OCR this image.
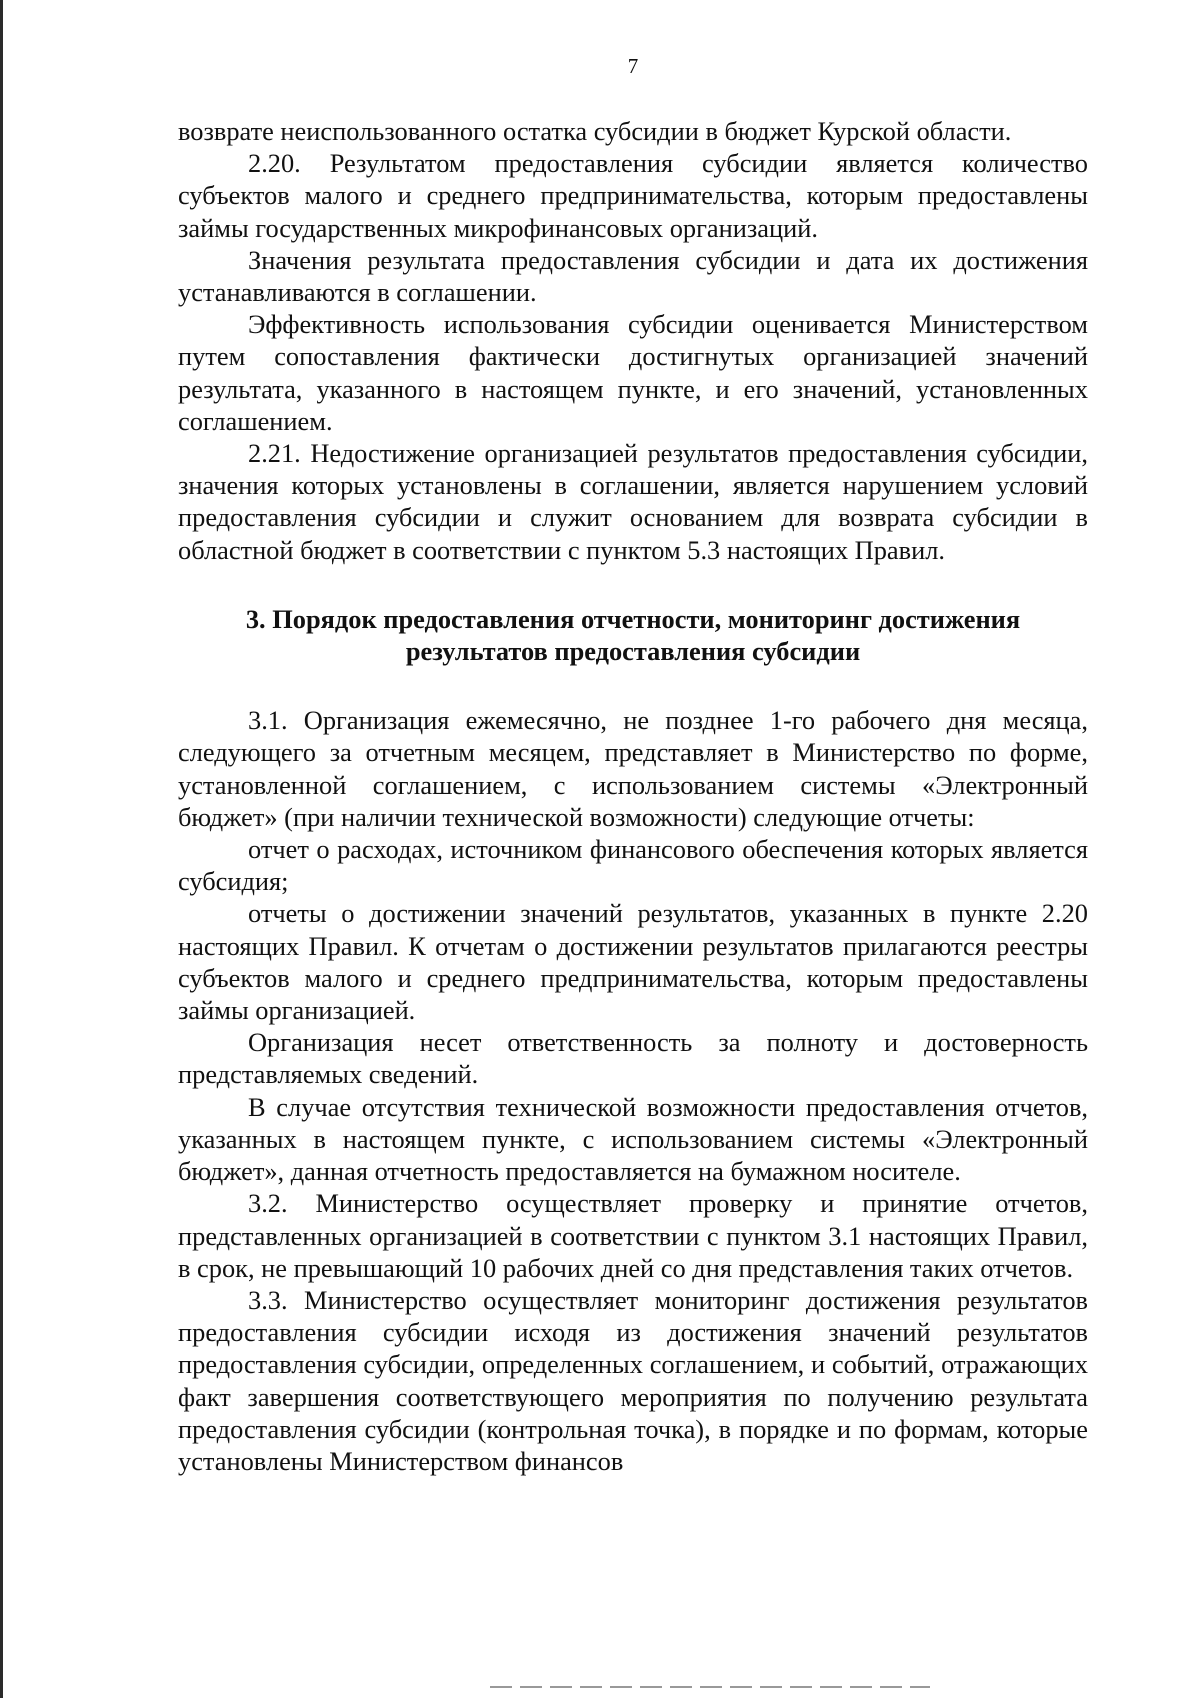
7

возврате неиспользованного остатка субсидии в бюджет Курской области.

2.20. Результатом предоставления субсидии является количество субъектов малого и среднего предпринимательства, которым предоставлены займы государственных микрофинансовых организаций.

Значения результата предоставления субсидии и дата их достижения устанавливаются в соглашении.

Эффективность использования субсидии оценивается Министерством путем сопоставления фактически достигнутых организацией значений результата, указанного в настоящем пункте, и его значений, установленных соглашением.

2.21. Недостижение организацией результатов предоставления субсидии, значения которых установлены в соглашении, является нарушением условий предоставления субсидии и служит основанием для возврата субсидии в областной бюджет в соответствии с пунктом 5.3 настоящих Правил.

3. Порядок предоставления отчетности, мониторинг достижения
результатов предоставления субсидии

3.1. Организация ежемесячно, не позднее 1-го рабочего дня месяца, следующего за отчетным месяцем, представляет в Министерство по форме, установленной соглашением, с использованием системы «Электронный бюджет» (при наличии технической возможности) следующие отчеты:

отчет о расходах, источником финансового обеспечения которых является субсидия;

отчеты о достижении значений результатов, указанных в пункте 2.20 настоящих Правил. К отчетам о достижении результатов прилагаются реестры субъектов малого и среднего предпринимательства, которым предоставлены займы организацией.

Организация несет ответственность за полноту и достоверность представляемых сведений.

В случае отсутствия технической возможности предоставления отчетов, указанных в настоящем пункте, с использованием системы «Электронный бюджет», данная отчетность предоставляется на бумажном носителе.

3.2. Министерство осуществляет проверку и принятие отчетов, представленных организацией в соответствии с пунктом 3.1 настоящих Правил, в срок, не превышающий 10 рабочих дней со дня представления таких отчетов.

3.3. Министерство осуществляет мониторинг достижения результатов предоставления субсидии исходя из достижения значений результатов предоставления субсидии, определенных соглашением, и событий, отражающих факт завершения соответствующего мероприятия по получению результата предоставления субсидии (контрольная точка), в порядке и по формам, которые установлены Министерством финансов
